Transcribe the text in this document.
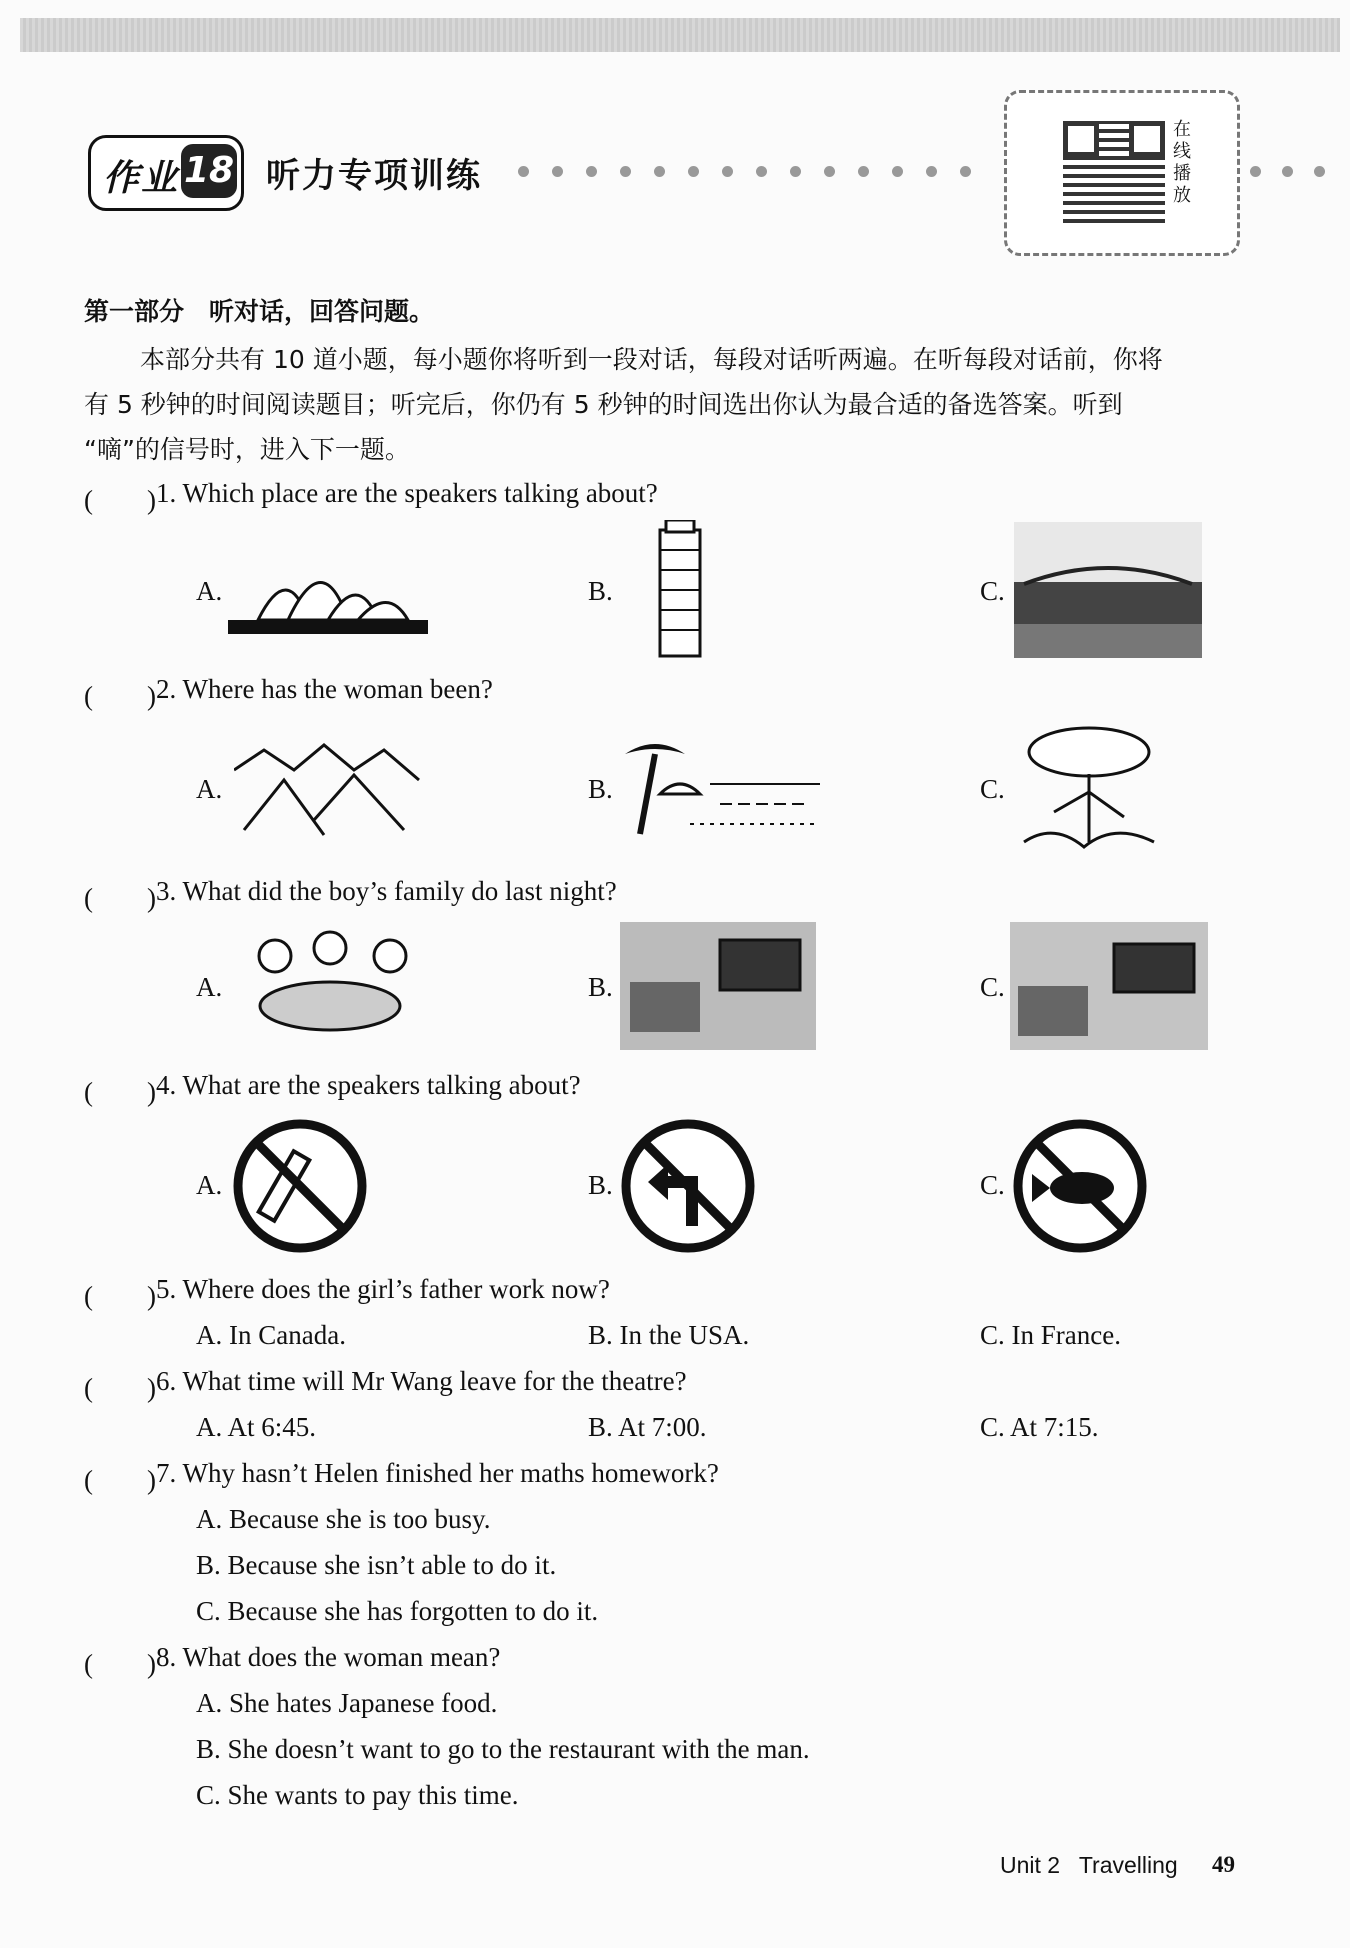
作业 18 听力专项训练
在线播放
第一部分　听对话，回答问题。
本部分共有 10 道小题，每小题你将听到一段对话，每段对话听两遍。在听每段对话前，你将
有 5 秒钟的时间阅读题目；听完后，你仍有 5 秒钟的时间选出你认为最合适的备选答案。听到
“嘀”的信号时，进入下一题。
(　　) 1. Which place are the speakers talking about?
A.	B.	C.
(　　) 2. Where has the woman been?
A.	B.	C.
(　　) 3. What did the boy’s family do last night?
A.	B.	C.
(　　) 4. What are the speakers talking about?
A.	B.	C.
(　　) 5. Where does the girl’s father work now?
A. In Canada.	B. In the USA.	C. In France.
(　　) 6. What time will Mr Wang leave for the theatre?
A. At 6:45.	B. At 7:00.	C. At 7:15.
(　　) 7. Why hasn’t Helen finished her maths homework?
A. Because she is too busy.
B. Because she isn’t able to do it.
C. Because she has forgotten to do it.
(　　) 8. What does the woman mean?
A. She hates Japanese food.
B. She doesn’t want to go to the restaurant with the man.
C. She wants to pay this time.
Unit 2 Travelling 49
